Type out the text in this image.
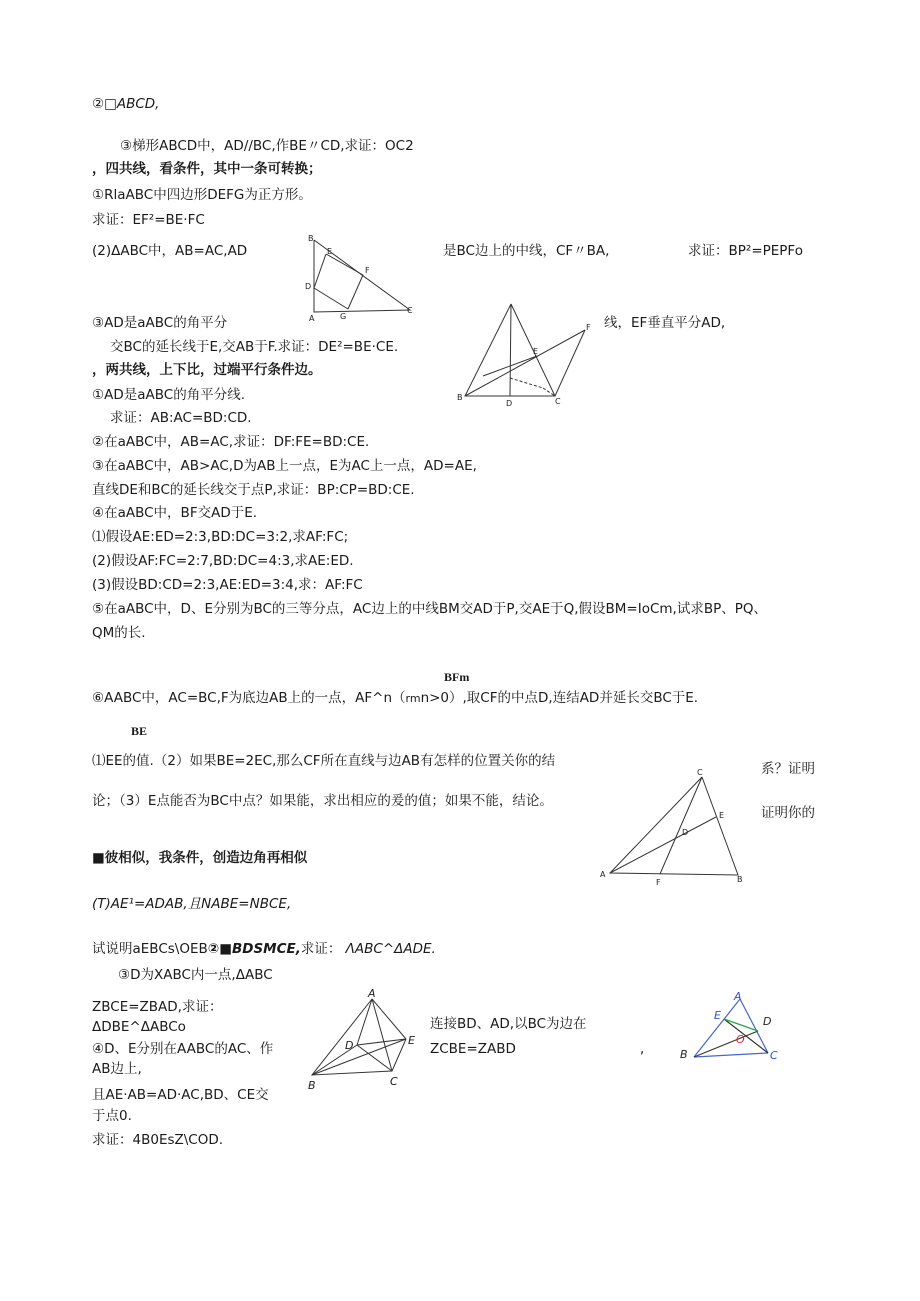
②□ABCD,
③梯形ABCD中，AD//BC,作BE〃CD,求证：OC2
，四共线，看条件，其中一条可转换；
①RlaABC中四边形DEFG为正方形。
求证：EF²=BE·FC
(2)ΔABC中，AB=AC,AD	是BC边上的中线，CF〃BA,	求证：BP²=PEPFo
③AD是aABC的角平分	线，EF垂直平分AD,
交BC的延长线于E,交AB于F.求证：DE²=BE·CE.
，两共线，上下比，过端平行条件边。
①AD是aABC的角平分线.
求证：AB:AC=BD:CD.
②在aABC中，AB=AC,求证：DF:FE=BD:CE.
③在aABC中，AB>AC,D为AB上一点，E为AC上一点，AD=AE,
直线DE和BC的延长线交于点P,求证：BP:CP=BD:CE.
④在aABC中，BF交AD于E.
⑴假设AE:ED=2:3,BD:DC=3:2,求AF:FC;
(2)假设AF:FC=2:7,BD:DC=4:3,求AE:ED.
(3)假设BD:CD=2:3,AE:ED=3:4,求：AF:FC
⑤在aABC中，D、E分别为BC的三等分点，AC边上的中线BM交AD于P,交AE于Q,假设BM=IoCm,试求BP、PQ、
QM的长.
BFm
⑥AABC中，AC=BC,F为底边AB上的一点，AF^n（rmn>0）,取CF的中点D,连结AD并延长交BC于E.
BE
⑴EE的值.（2）如果BE=2EC,那么CF所在直线与边AB有怎样的位置关你的结	系？证明
论；（3）E点能否为BC中点？如果能，求出相应的爰的值；如果不能，结论。
证明你的
■彼相似，我条件，创造边角再相似
(T)AE¹=ADAB,且NABE=NBCE,
试说明aEBCs\OEB②■BDSMCE,求证： ΛABC^ΔADE.
③D为XABC内一点,ΔABC
ZBCE=ZBAD,求证：
ΔDBE^ΔABCo
④D、E分别在AABC的AC、作
AB边上,
连接BD、AD,以BC为边在
ZCBE=ZABD	,
且AE·AB=AD·AC,BD、CE交
于点0.
求证：4B0EsZ\COD.
B
E
F
D
A	G
C
F
E
B
D	C
C
E
D
A
F	B
A
D	E
B	C
A
E	D
O
B	C
